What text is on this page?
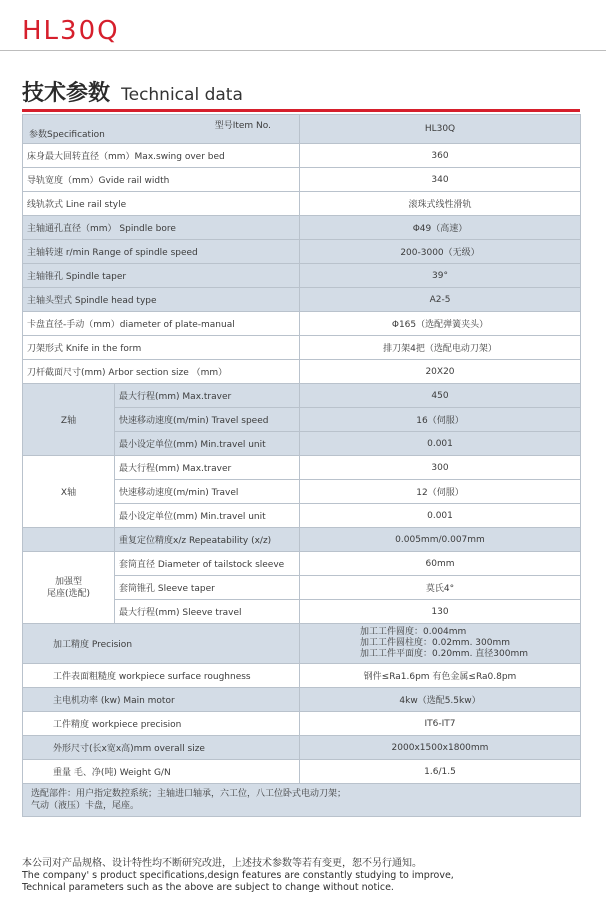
HL30Q
技术参数 Technical data
型号Item No.
参数Specification		HL30Q
床身最大回转直径（mm）Max.swing over bed		360
导轨宽度（mm）Gvide rail width		340
线轨款式 Line rail style		滚珠式线性滑轨
主轴通孔直径（mm） Spindle bore		Φ49（高速）
主轴转速 r/min Range of spindle speed		200-3000（无级）
主轴锥孔 Spindle taper		39°
主轴头型式 Spindle head type		A2-5
卡盘直径-手动（mm）diameter of plate-manual		Φ165（选配弹簧夹头）
刀架形式 Knife in the form		排刀架4把（选配电动刀架）
刀杆截面尺寸(mm) Arbor section size （mm）		20X20
Z轴	最大行程(mm) Max.traver	450
	快速移动速度(m/min) Travel speed	16（伺服）
	最小设定单位(mm) Min.travel unit	0.001
X轴	最大行程(mm) Max.traver	300
	快速移动速度(m/min) Travel	12（伺服）
	最小设定单位(mm) Min.travel unit	0.001
	重复定位精度x/z Repeatability (x/z)	0.005mm/0.007mm

加强型
尾座(选配)	套筒直径 Diameter of tailstock sleeve	60mm
	套筒锥孔 Sleeve taper	莫氏4°
	最大行程(mm) Sleeve travel	130
加工精度 Precision		加工工件圆度：0.004mm
加工工件圆柱度：0.02mm. 300mm
加工工件平面度：0.20mm. 直径300mm

工件表面粗糙度 workpiece surface roughness		钢件≤Ra1.6pm 有色金属≤Ra0.8pm
主电机功率 (kw) Main motor		4kw（选配5.5kw）
工件精度 workpiece precision		IT6-IT7
外形尺寸(长x宽x高)mm overall size		2000x1500x1800mm
重量 毛、净(吨) Weight G/N		1.6/1.5

选配部件：用户指定数控系统；主轴进口轴承，六工位，八工位卧式电动刀架；
气动（液压）卡盘，尾座。		
本公司对产品规格、设计特性均不断研究改进，上述技术参数等若有变更，恕不另行通知。
The company' s product specifications,design features are constantly studying to improve,
Technical parameters such as the above are subject to change without notice.
